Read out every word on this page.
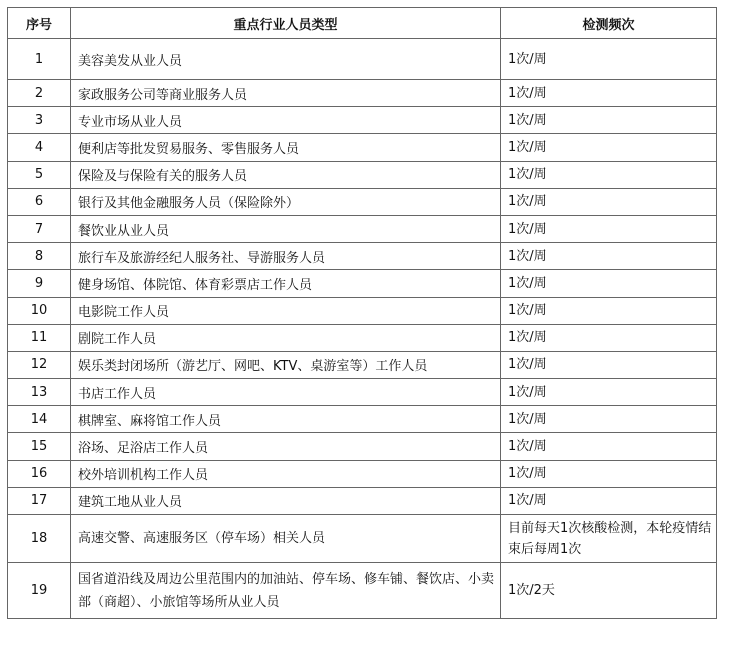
序号	重点行业人员类型	检测频次
1	美容美发从业人员	1次/周
2	家政服务公司等商业服务人员	1次/周
3	专业市场从业人员	1次/周
4	便利店等批发贸易服务、零售服务人员	1次/周
5	保险及与保险有关的服务人员	1次/周
6	银行及其他金融服务人员（保险除外）	1次/周
7	餐饮业从业人员	1次/周
8	旅行车及旅游经纪人服务社、导游服务人员	1次/周
9	健身场馆、体院馆、体育彩票店工作人员	1次/周
10	电影院工作人员	1次/周
11	剧院工作人员	1次/周
12	娱乐类封闭场所（游艺厅、网吧、KTV、桌游室等）工作人员	1次/周
13	书店工作人员	1次/周
14	棋牌室、麻将馆工作人员	1次/周
15	浴场、足浴店工作人员	1次/周
16	校外培训机构工作人员	1次/周
17	建筑工地从业人员	1次/周
18	高速交警、高速服务区（停车场）相关人员	目前每天1次核酸检测，本轮疫情结束后每周1次
19	国省道沿线及周边公里范围内的加油站、停车场、修车铺、餐饮店、小卖部（商超）、小旅馆等场所从业人员	1次/2天
